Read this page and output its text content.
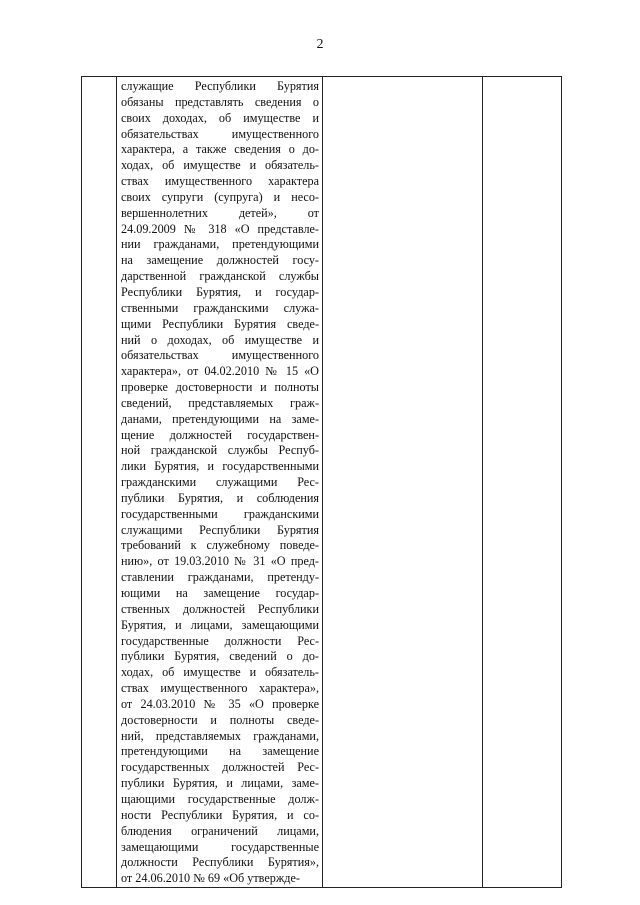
2

служащие Республики Бурятия
обязаны представлять сведения о
своих доходах, об имуществе и
обязательствах имущественного
характера, а также сведения о до-
ходах, об имуществе и обязатель-
ствах имущественного характера
своих супруги (супруга) и несо-
вершеннолетних детей», от
24.09.2009 № 318 «О представле-
нии гражданами, претендующими
на замещение должностей госу-
дарственной гражданской службы
Республики Бурятия, и государ-
ственными гражданскими служа-
щими Республики Бурятия сведе-
ний о доходах, об имуществе и
обязательствах имущественного
характера», от 04.02.2010 № 15 «О
проверке достоверности и полноты
сведений, представляемых граж-
данами, претендующими на заме-
щение должностей государствен-
ной гражданской службы Респуб-
лики Бурятия, и государственными
гражданскими служащими Рес-
публики Бурятия, и соблюдения
государственными гражданскими
служащими Республики Бурятия
требований к служебному поведе-
нию», от 19.03.2010 № 31 «О пред-
ставлении гражданами, претенду-
ющими на замещение государ-
ственных должностей Республики
Бурятия, и лицами, замещающими
государственные должности Рес-
публики Бурятия, сведений о до-
ходах, об имуществе и обязатель-
ствах имущественного характера»,
от 24.03.2010 № 35 «О проверке
достоверности и полноты сведе-
ний, представляемых гражданами,
претендующими на замещение
государственных должностей Рес-
публики Бурятия, и лицами, заме-
щающими государственные долж-
ности Республики Бурятия, и со-
блюдения ограничений лицами,
замещающими государственные
должности Республики Бурятия»,
от 24.06.2010 № 69 «Об утвержде-
